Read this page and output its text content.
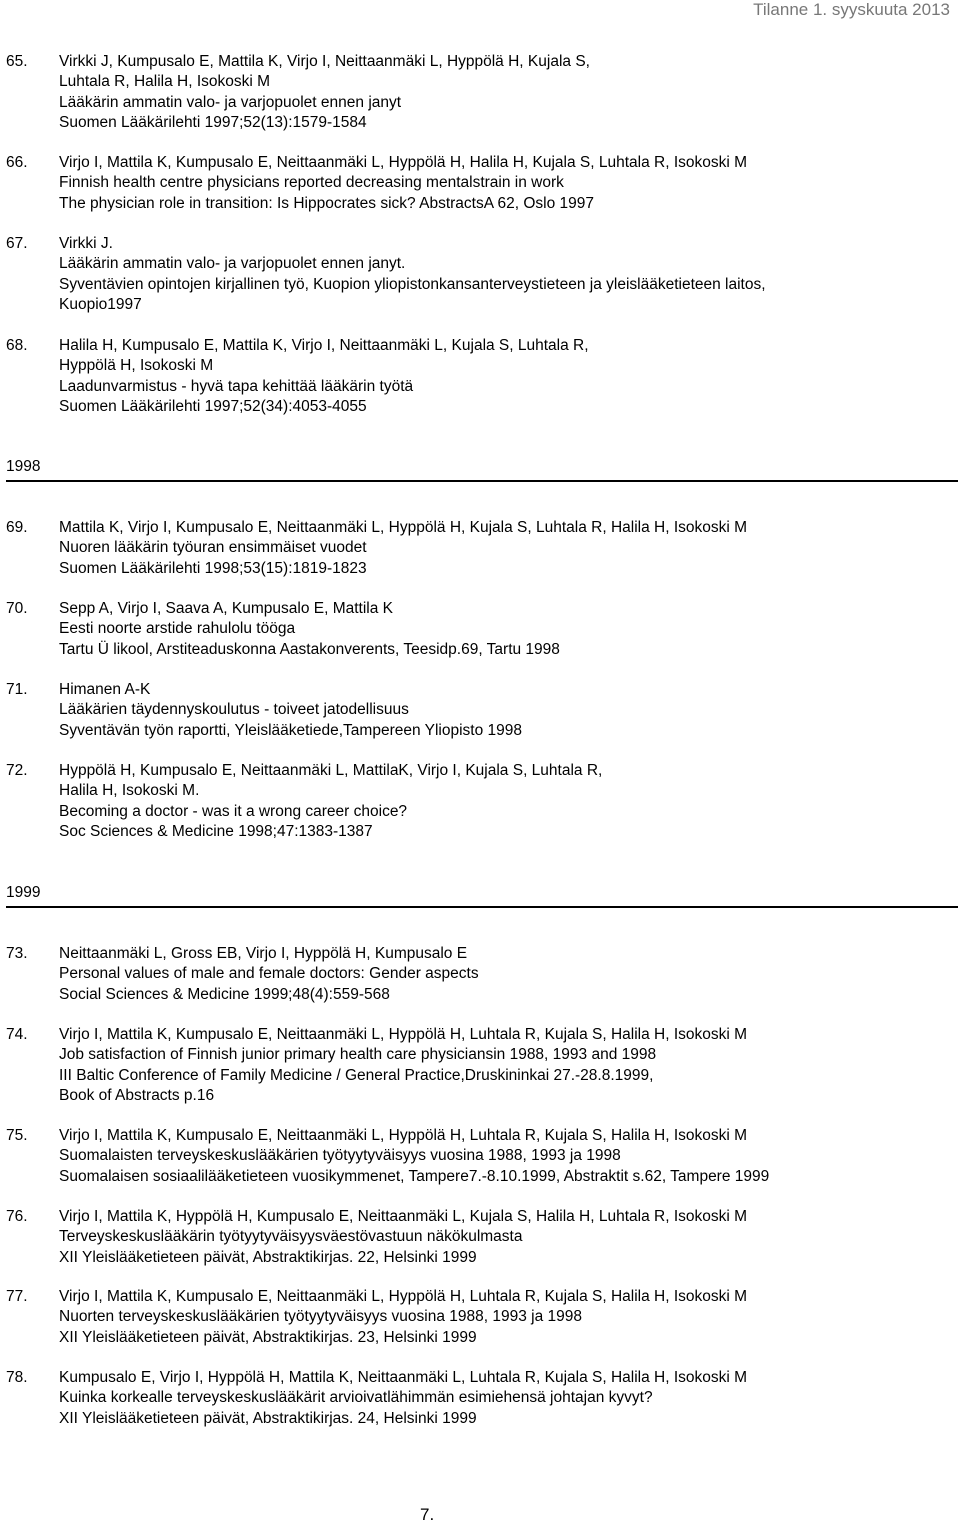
Tilanne 1. syyskuuta 2013
65. Virkki J, Kumpusalo E, Mattila K, Virjo I, Neittaanmäki L, Hyppölä H, Kujala S,
Luhtala R, Halila H, Isokoski M
Lääkärin ammatin valo- ja varjopuolet ennen janyt
Suomen Lääkärilehti 1997;52(13):1579-1584
66. Virjo I, Mattila K, Kumpusalo E, Neittaanmäki L, Hyppölä H, Halila H, Kujala S, Luhtala R, Isokoski M
Finnish health centre physicians reported decreasing mentalstrain in work
The physician role in transition: Is Hippocrates sick? AbstractsA 62, Oslo 1997
67. Virkki J.
Lääkärin ammatin valo- ja varjopuolet ennen janyt.
Syventävien opintojen kirjallinen työ, Kuopion yliopistonkansanterveystieteen ja yleislääketieteen laitos,
Kuopio1997
68. Halila H, Kumpusalo E, Mattila K, Virjo I, Neittaanmäki L, Kujala S, Luhtala R,
Hyppölä H, Isokoski M
Laadunvarmistus - hyvä tapa kehittää lääkärin työtä
Suomen Lääkärilehti 1997;52(34):4053-4055
1998
69. Mattila K, Virjo I, Kumpusalo E, Neittaanmäki L, Hyppölä H, Kujala S, Luhtala R, Halila H, Isokoski M
Nuoren lääkärin työuran ensimmäiset vuodet
Suomen Lääkärilehti 1998;53(15):1819-1823
70. Sepp A, Virjo I, Saava A, Kumpusalo E, Mattila K
Eesti noorte arstide rahulolu tööga
Tartu Ü likool, Arstiteaduskonna Aastakonverents, Teesidp.69, Tartu 1998
71. Himanen A-K
Lääkärien täydennyskoulutus - toiveet jatodellisuus
Syventävän työn raportti, Yleislääketiede,Tampereen Yliopisto 1998
72. Hyppölä H, Kumpusalo E, Neittaanmäki L, MattilaK, Virjo I, Kujala S, Luhtala R,
Halila H, Isokoski M.
Becoming a doctor - was it a wrong career choice?
Soc Sciences & Medicine 1998;47:1383-1387
1999
73. Neittaanmäki L, Gross EB, Virjo I, Hyppölä H, Kumpusalo E
Personal values of male and female doctors: Gender aspects
Social Sciences & Medicine 1999;48(4):559-568
74. Virjo I, Mattila K, Kumpusalo E, Neittaanmäki L, Hyppölä H, Luhtala R, Kujala S, Halila H, Isokoski M
Job satisfaction of Finnish junior primary health care physiciansin 1988, 1993 and 1998
III Baltic Conference of Family Medicine / General Practice,Druskininkai 27.-28.8.1999,
Book of Abstracts p.16
75. Virjo I, Mattila K, Kumpusalo E, Neittaanmäki L, Hyppölä H, Luhtala R, Kujala S, Halila H, Isokoski M
Suomalaisten terveyskeskuslääkärien työtyytyväisyys vuosina 1988, 1993 ja 1998
Suomalaisen sosiaalilääketieteen vuosikymmenet, Tampere7.-8.10.1999, Abstraktit s.62, Tampere 1999
76. Virjo I, Mattila K, Hyppölä H, Kumpusalo E, Neittaanmäki L, Kujala S, Halila H, Luhtala R, Isokoski M
Terveyskeskuslääkärin työtyytyväisyysväestövastuun näkökulmasta
XII Yleislääketieteen päivät, Abstraktikirjas. 22, Helsinki 1999
77. Virjo I, Mattila K, Kumpusalo E, Neittaanmäki L, Hyppölä H, Luhtala R, Kujala S, Halila H, Isokoski M
Nuorten terveyskeskuslääkärien työtyytyväisyys vuosina 1988, 1993 ja 1998
XII Yleislääketieteen päivät, Abstraktikirjas. 23, Helsinki 1999
78. Kumpusalo E, Virjo I, Hyppölä H, Mattila K, Neittaanmäki L, Luhtala R, Kujala S, Halila H, Isokoski M
Kuinka korkealle terveyskeskuslääkärit arvioivatlähimmän esimiehensä johtajan kyvyt?
XII Yleislääketieteen päivät, Abstraktikirjas. 24, Helsinki 1999
7.
